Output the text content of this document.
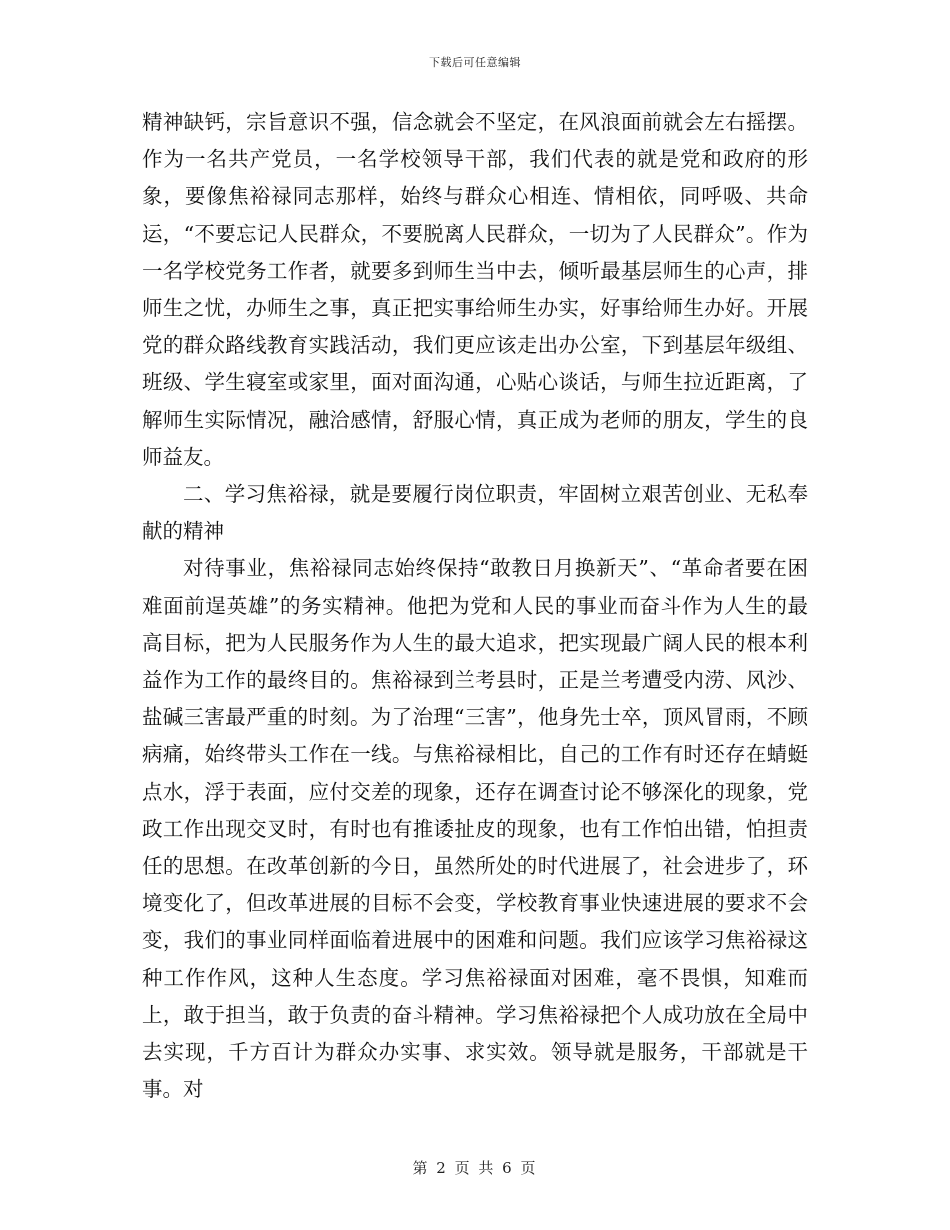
下载后可任意编辑

精神缺钙，宗旨意识不强，信念就会不坚定，在风浪面前就会左右摇摆。作为一名共产党员，一名学校领导干部，我们代表的就是党和政府的形象，要像焦裕禄同志那样，始终与群众心相连、情相依，同呼吸、共命运，“不要忘记人民群众，不要脱离人民群众，一切为了人民群众”。作为一名学校党务工作者，就要多到师生当中去，倾听最基层师生的心声，排师生之忧，办师生之事，真正把实事给师生办实，好事给师生办好。开展党的群众路线教育实践活动，我们更应该走出办公室，下到基层年级组、班级、学生寝室或家里，面对面沟通，心贴心谈话，与师生拉近距离，了解师生实际情况，融洽感情，舒服心情，真正成为老师的朋友，学生的良师益友。

二、学习焦裕禄，就是要履行岗位职责，牢固树立艰苦创业、无私奉献的精神

对待事业，焦裕禄同志始终保持“敢教日月换新天”、“革命者要在困难面前逞英雄”的务实精神。他把为党和人民的事业而奋斗作为人生的最高目标，把为人民服务作为人生的最大追求，把实现最广阔人民的根本利益作为工作的最终目的。焦裕禄到兰考县时，正是兰考遭受内涝、风沙、盐碱三害最严重的时刻。为了治理“三害”，他身先士卒，顶风冒雨，不顾病痛，始终带头工作在一线。与焦裕禄相比，自己的工作有时还存在蜻蜓点水，浮于表面，应付交差的现象，还存在调查讨论不够深化的现象，党政工作出现交叉时，有时也有推诿扯皮的现象，也有工作怕出错，怕担责任的思想。在改革创新的今日，虽然所处的时代进展了，社会进步了，环境变化了，但改革进展的目标不会变，学校教育事业快速进展的要求不会变，我们的事业同样面临着进展中的困难和问题。我们应该学习焦裕禄这种工作作风，这种人生态度。学习焦裕禄面对困难，毫不畏惧，知难而上，敢于担当，敢于负责的奋斗精神。学习焦裕禄把个人成功放在全局中去实现，千方百计为群众办实事、求实效。领导就是服务，干部就是干事。对

第 2 页 共 6 页
